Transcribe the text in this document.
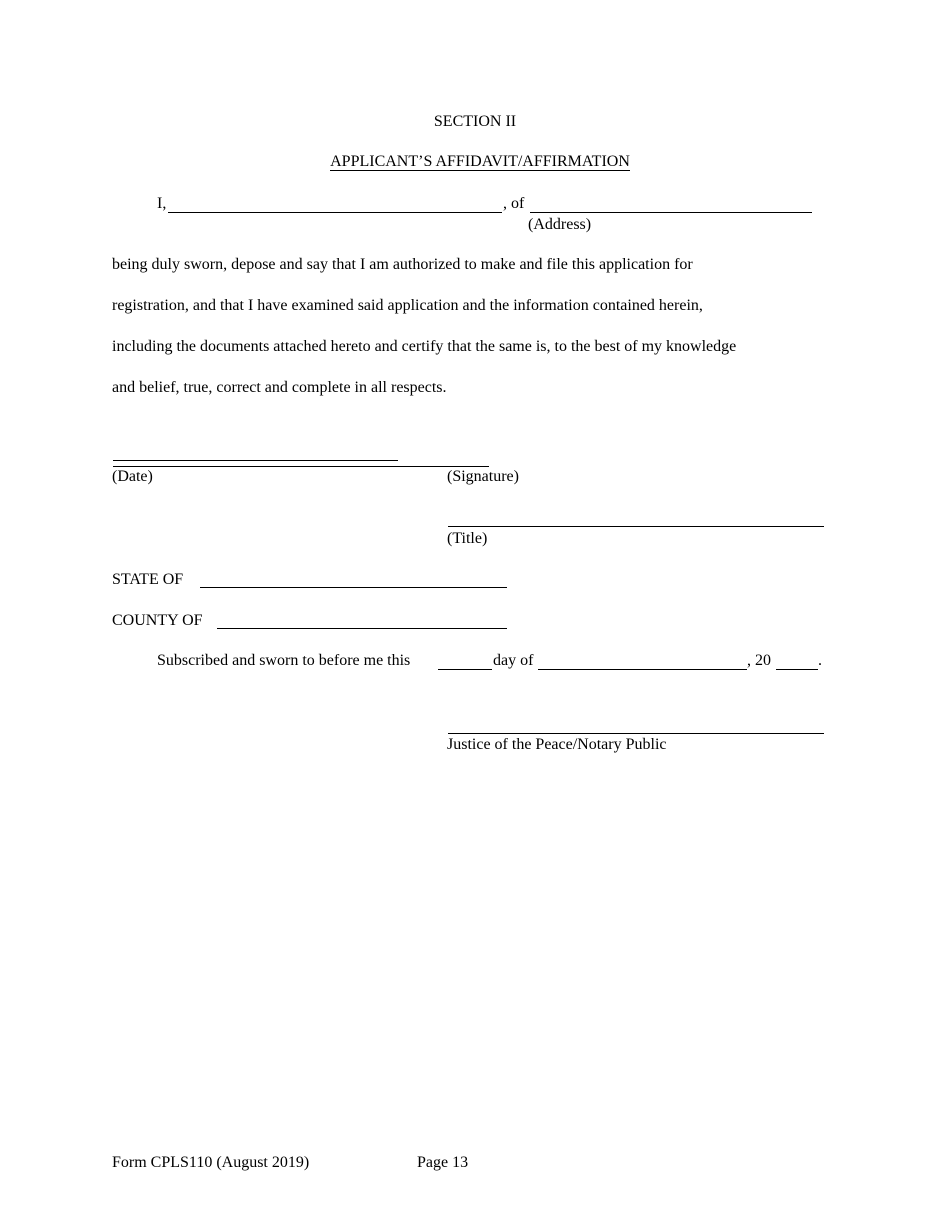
SECTION II
APPLICANT’S AFFIDAVIT/AFFIRMATION
I,	, of
(Address)

being duly sworn, depose and say that I am authorized to make and file this application for

registration, and that I have examined said application and the information contained herein,

including the documents attached hereto and certify that the same is, to the best of my knowledge

and belief, true, correct and complete in all respects.

(Date)	(Signature)
(Title)
STATE OF
COUNTY OF
Subscribed and sworn to before me this	day of	, 20	.
Justice of the Peace/Notary Public
Form CPLS110 (August 2019)	Page 13
